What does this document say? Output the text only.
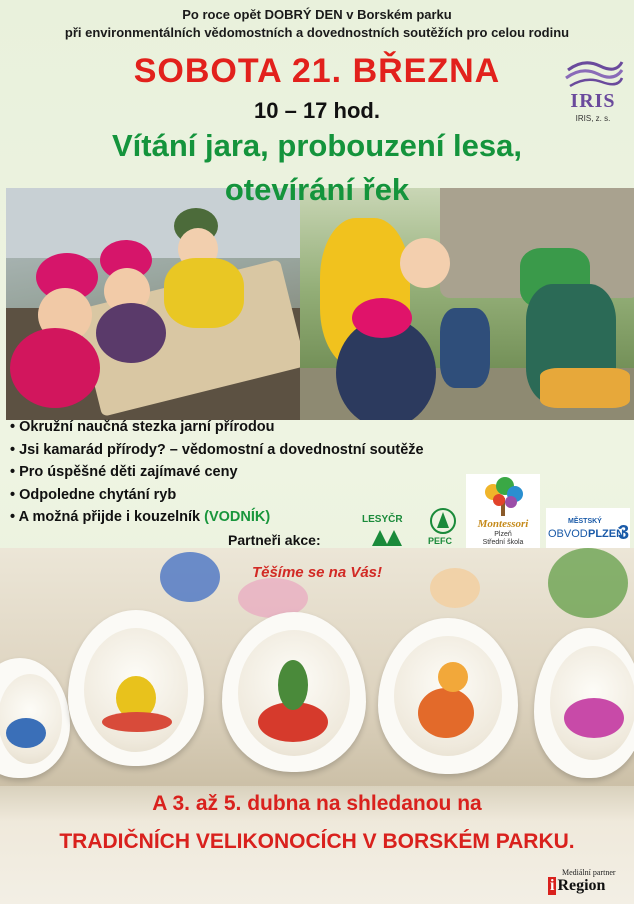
Po roce opět DOBRÝ DEN v Borském parku
při environmentálních vědomostních a dovednostních soutěžích pro celou rodinu
SOBOTA 21. BŘEZNA
10 – 17 hod.	IRIS
IRIS, z. s.
Vítání jara, probouzení lesa,
otevírání řek
• Okružní naučná stezka jarní přírodou
• Jsi kamarád přírody? – vědomostní a dovednostní soutěže
• Pro úspěšné děti zajímavé ceny
• Odpoledne chytání ryb
• A možná přijde i kouzelník (VODNÍK)
Partneři akce:
LESYČR
PEFC
Montessori
Plzeň
Střední škola
MĚSTSKÝ
OBVOD PLZEŇ
3
Těšíme se na Vás!
A 3. až 5. dubna na shledanou na
TRADIČNÍCH VELIKONOCÍCH V BORSKÉM PARKU.
Mediální partner
i Region
